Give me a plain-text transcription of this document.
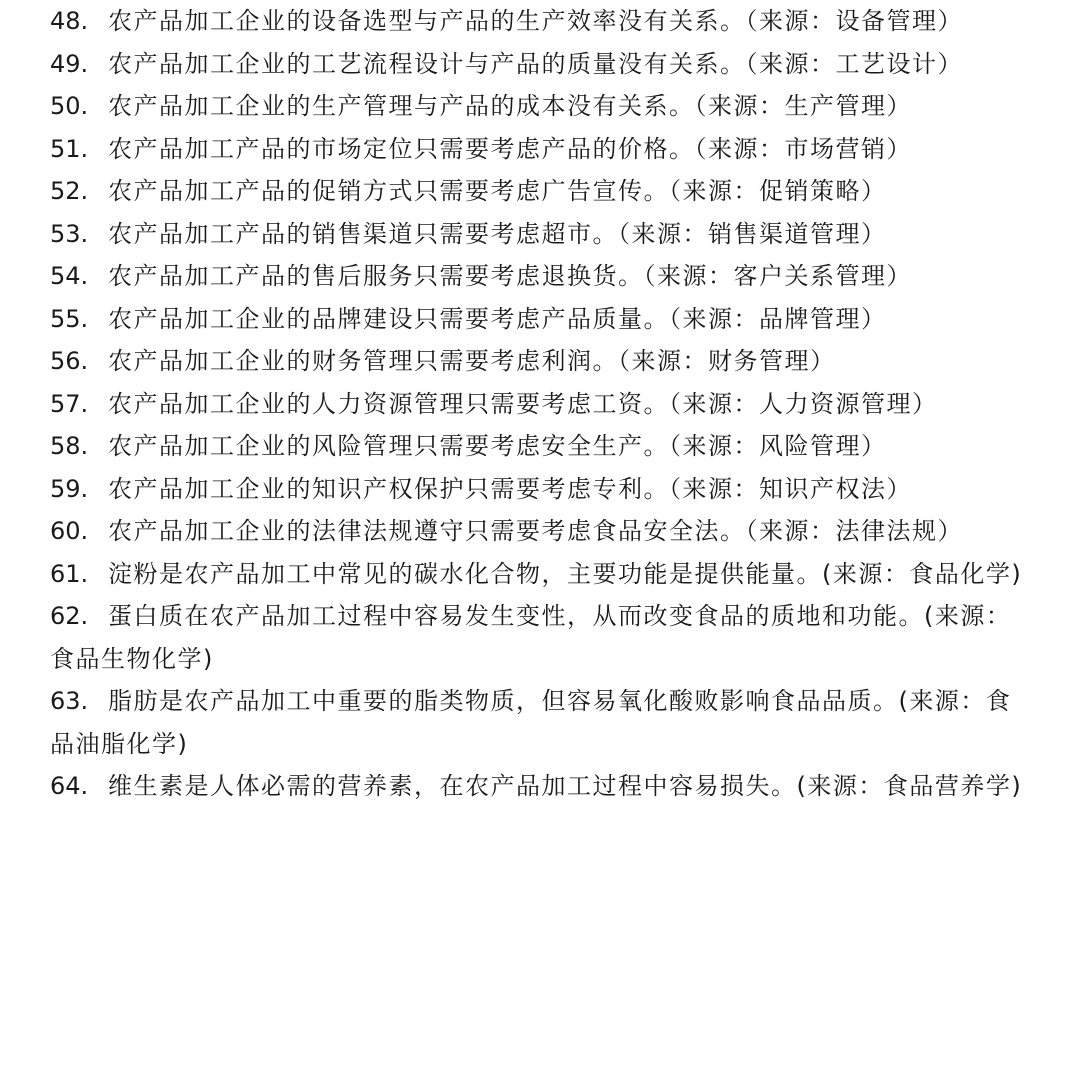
48. 农产品加工企业的设备选型与产品的生产效率没有关系。（来源：设备管理）

49. 农产品加工企业的工艺流程设计与产品的质量没有关系。（来源：工艺设计）

50. 农产品加工企业的生产管理与产品的成本没有关系。（来源：生产管理）

51. 农产品加工产品的市场定位只需要考虑产品的价格。（来源：市场营销）

52. 农产品加工产品的促销方式只需要考虑广告宣传。（来源：促销策略）

53. 农产品加工产品的销售渠道只需要考虑超市。（来源：销售渠道管理）

54. 农产品加工产品的售后服务只需要考虑退换货。（来源：客户关系管理）

55. 农产品加工企业的品牌建设只需要考虑产品质量。（来源：品牌管理）

56. 农产品加工企业的财务管理只需要考虑利润。（来源：财务管理）

57. 农产品加工企业的人力资源管理只需要考虑工资。（来源：人力资源管理）

58. 农产品加工企业的风险管理只需要考虑安全生产。（来源：风险管理）

59. 农产品加工企业的知识产权保护只需要考虑专利。（来源：知识产权法）

60. 农产品加工企业的法律法规遵守只需要考虑食品安全法。（来源：法律法规）

61. 淀粉是农产品加工中常见的碳水化合物，主要功能是提供能量。(来源：食品化学)

62. 蛋白质在农产品加工过程中容易发生变性，从而改变食品的质地和功能。(来源：食品生物化学)

63. 脂肪是农产品加工中重要的脂类物质，但容易氧化酸败影响食品品质。(来源：食品油脂化学)

64. 维生素是人体必需的营养素，在农产品加工过程中容易损失。(来源：食品营养学)
